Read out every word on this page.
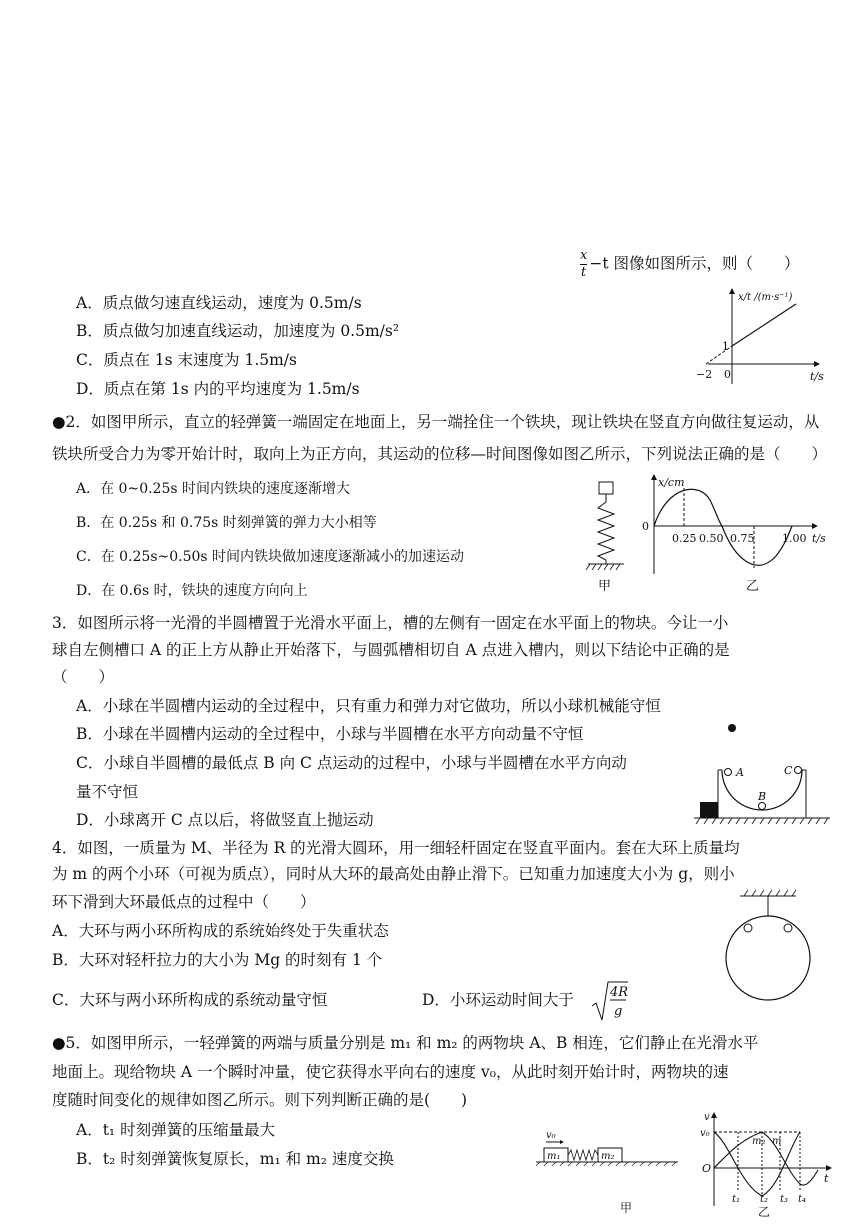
$\frac{x}{t} -t$ 图像如图所示，则（　　）
A．质点做匀速直线运动，速度为 0.5m/s
B．质点做匀加速直线运动，加速度为 0.5m/s²
C．质点在 1s 末速度为 1.5m/s
D．质点在第 1s 内的平均速度为 1.5m/s
x/t /(m·s⁻¹)
1
−2 0	t/s
●2．如图甲所示，直立的轻弹簧一端固定在地面上，另一端拴住一个铁块，现让铁块在竖直方向做往复运动，从
铁块所受合力为零开始计时，取向上为正方向，其运动的位移—时间图像如图乙所示，下列说法正确的是（　　）
A．在 0~0.25s 时间内铁块的速度逐渐增大
B．在 0.25s 和 0.75s 时刻弹簧的弹力大小相等
C．在 0.25s~0.50s 时间内铁块做加速度逐渐减小的加速运动
D．在 0.6s 时，铁块的速度方向向上	甲
x/cm
0
0.25 0.50 0.75	1.00 t/s
乙
3．如图所示将一光滑的半圆槽置于光滑水平面上，槽的左侧有一固定在水平面上的物块。今让一小
球自左侧槽口 A 的正上方从静止开始落下，与圆弧槽相切自 A 点进入槽内，则以下结论中正确的是
（　　）
A．小球在半圆槽内运动的全过程中，只有重力和弹力对它做功，所以小球机械能守恒
B．小球在半圆槽内运动的全过程中，小球与半圆槽在水平方向动量不守恒
C．小球自半圆槽的最低点 B 向 C 点运动的过程中，小球与半圆槽在水平方向动
量不守恒
D．小球离开 C 点以后，将做竖直上抛运动
A
B
C
4．如图，一质量为 M、半径为 R 的光滑大圆环，用一细轻杆固定在竖直平面内。套在大环上质量均
为 m 的两个小环（可视为质点），同时从大环的最高处由静止滑下。已知重力加速度大小为 g，则小
环下滑到大环最低点的过程中（　　）
A．大环与两小环所构成的系统始终处于失重状态
B．大环对轻杆拉力的大小为 Mg 的时刻有 1 个
C．大环与两小环所构成的系统动量守恒	D．小环运动时间大于	4R
g
●5．如图甲所示，一轻弹簧的两端与质量分别是 m₁ 和 m₂ 的两物块 A、B 相连，它们静止在光滑水平
地面上。现给物块 A 一个瞬时冲量，使它获得水平向右的速度 v₀，从此时刻开始计时，两物块的速
度随时间变化的规律如图乙所示。则下列判断正确的是(　　)
A．t₁ 时刻弹簧的压缩量最大
B．t₂ 时刻弹簧恢复原长，m₁ 和 m₂ 速度交换
v₀
m₁	m₂
甲
v
v₀
O
m₂ m
t₁ t₂ t₃ t₄
t
乙
